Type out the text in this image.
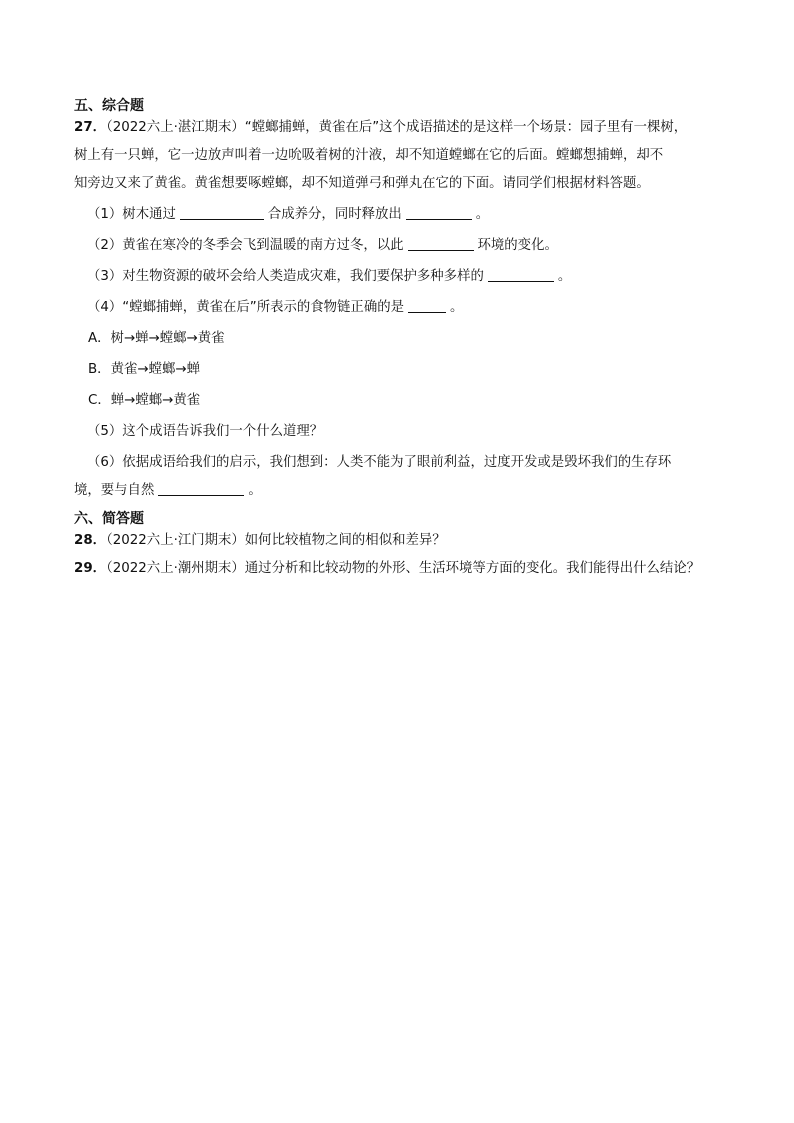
五、综合题
27．（2022六上·湛江期末）“螳螂捕蝉，黄雀在后”这个成语描述的是这样一个场景：园子里有一棵树，
树上有一只蝉，它一边放声叫着一边吮吸着树的汁液，却不知道螳螂在它的后面。螳螂想捕蝉，却不
知旁边又来了黄雀。黄雀想要啄螳螂，却不知道弹弓和弹丸在它的下面。请同学们根据材料答题。
（1）树木通过	合成养分，同时释放出	。
（2）黄雀在寒冷的冬季会飞到温暖的南方过冬，以此	环境的变化。
（3）对生物资源的破坏会给人类造成灾难，我们要保护多种多样的	。
（4）“螳螂捕蝉，黄雀在后”所表示的食物链正确的是	。
A．树→蝉→螳螂→黄雀
B．黄雀→螳螂→蝉
C．蝉→螳螂→黄雀
（5）这个成语告诉我们一个什么道理？
（6）依据成语给我们的启示，我们想到：人类不能为了眼前利益，过度开发或是毁坏我们的生存环
境，要与自然	。
六、简答题
28．（2022六上·江门期末）如何比较植物之间的相似和差异？
29．（2022六上·潮州期末）通过分析和比较动物的外形、生活环境等方面的变化。我们能得出什么结论？
